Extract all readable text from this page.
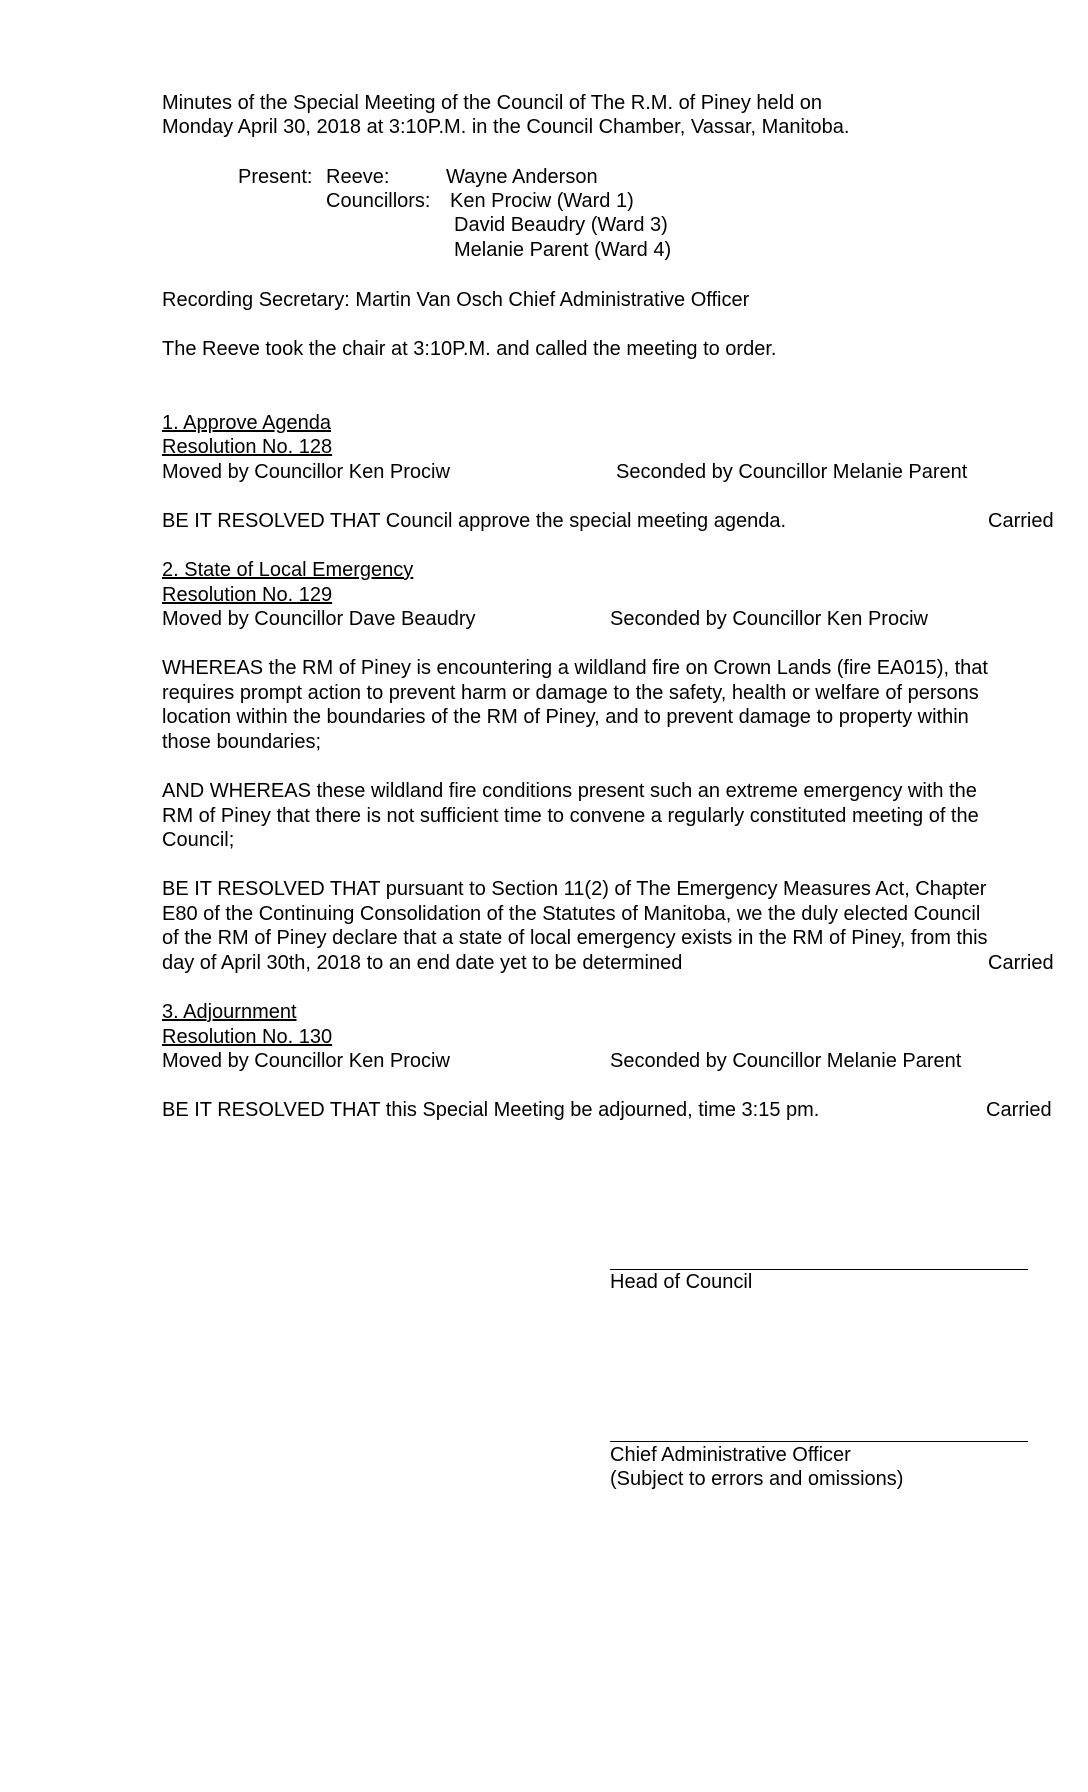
Minutes of the Special Meeting of the Council of The R.M. of Piney held on
Monday April 30, 2018 at 3:10P.M. in the Council Chamber, Vassar, Manitoba.
Present: Reeve:	Wayne Anderson
Councillors: Ken Prociw (Ward 1)
David Beaudry (Ward 3)
Melanie Parent (Ward 4)
Recording Secretary: Martin Van Osch Chief Administrative Officer
The Reeve took the chair at 3:10P.M. and called the meeting to order.
1. Approve Agenda
Resolution No. 128
Moved by Councillor Ken Prociw	Seconded by Councillor Melanie Parent
BE IT RESOLVED THAT Council approve the special meeting agenda.	Carried
2. State of Local Emergency
Resolution No. 129
Moved by Councillor Dave Beaudry	Seconded by Councillor Ken Prociw
WHEREAS the RM of Piney is encountering a wildland fire on Crown Lands (fire EA015), that
requires prompt action to prevent harm or damage to the safety, health or welfare of persons
location within the boundaries of the RM of Piney, and to prevent damage to property within
those boundaries;
AND WHEREAS these wildland fire conditions present such an extreme emergency with the
RM of Piney that there is not sufficient time to convene a regularly constituted meeting of the
Council;
BE IT RESOLVED THAT pursuant to Section 11(2) of The Emergency Measures Act, Chapter
E80 of the Continuing Consolidation of the Statutes of Manitoba, we the duly elected Council
of the RM of Piney declare that a state of local emergency exists in the RM of Piney, from this
day of April 30th, 2018 to an end date yet to be determined	Carried
3. Adjournment
Resolution No. 130
Moved by Councillor Ken Prociw	Seconded by Councillor Melanie Parent
BE IT RESOLVED THAT this Special Meeting be adjourned, time 3:15 pm.	Carried
Head of Council
Chief Administrative Officer
(Subject to errors and omissions)
